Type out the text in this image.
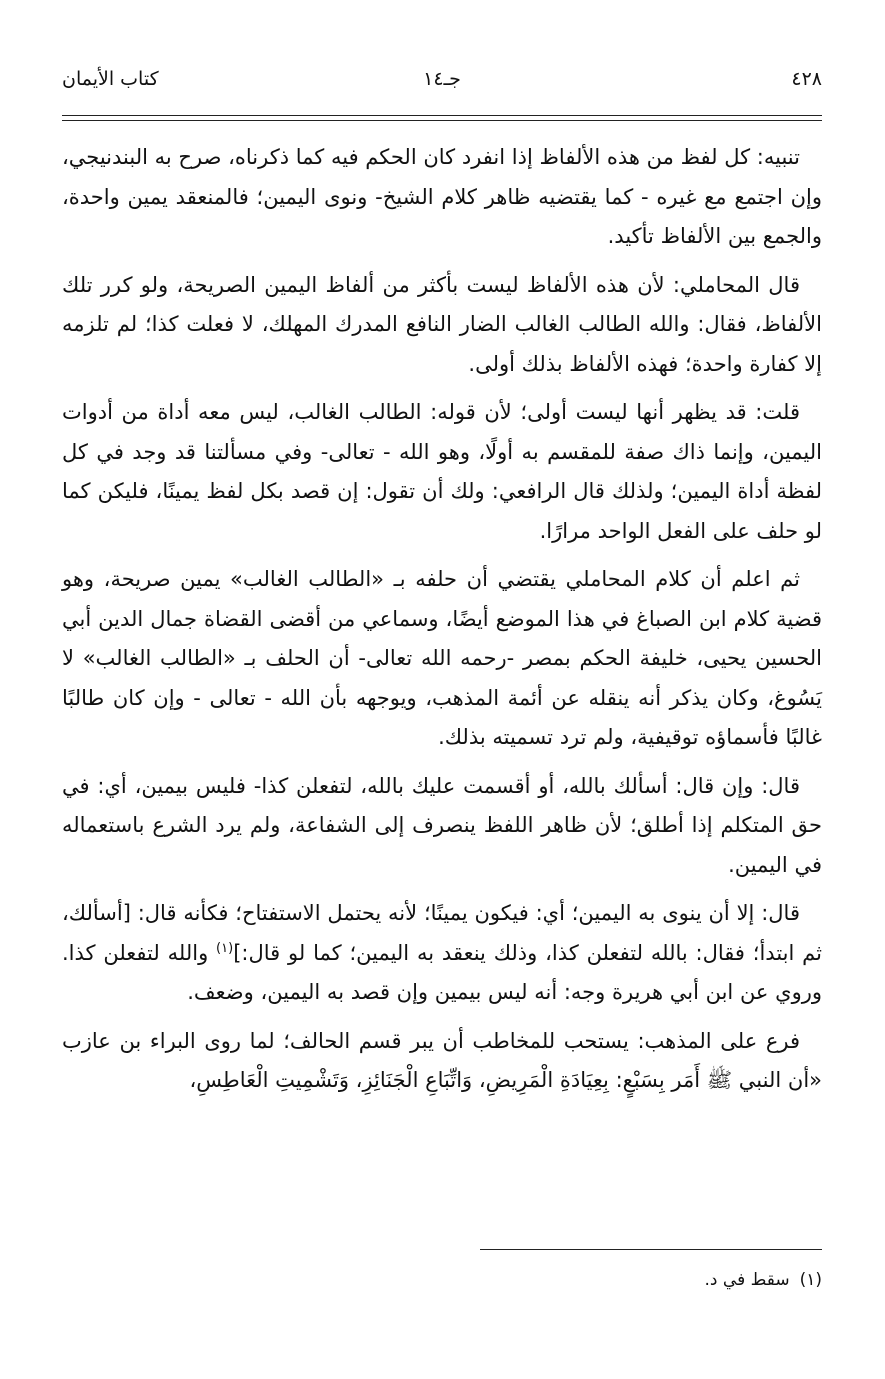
٤٢٨
جـ١٤
كتاب الأيمان

تنبيه: كل لفظ من هذه الألفاظ إذا انفرد كان الحكم فيه كما ذكرناه، صرح به البندنيجي، وإن اجتمع مع غيره - كما يقتضيه ظاهر كلام الشيخ- ونوى اليمين؛ فالمنعقد يمين واحدة، والجمع بين الألفاظ تأكيد.

قال المحاملي: لأن هذه الألفاظ ليست بأكثر من ألفاظ اليمين الصريحة، ولو كرر تلك الألفاظ، فقال: والله الطالب الغالب الضار النافع المدرك المهلك، لا فعلت كذا؛ لم تلزمه إلا كفارة واحدة؛ فهذه الألفاظ بذلك أولى.

قلت: قد يظهر أنها ليست أولى؛ لأن قوله: الطالب الغالب، ليس معه أداة من أدوات اليمين، وإنما ذاك صفة للمقسم به أولًا، وهو الله - تعالى- وفي مسألتنا قد وجد في كل لفظة أداة اليمين؛ ولذلك قال الرافعي: ولك أن تقول: إن قصد بكل لفظ يمينًا، فليكن كما لو حلف على الفعل الواحد مرارًا.

ثم اعلم أن كلام المحاملي يقتضي أن حلفه بـ «الطالب الغالب» يمين صريحة، وهو قضية كلام ابن الصباغ في هذا الموضع أيضًا، وسماعي من أقضى القضاة جمال الدين أبي الحسين يحيى، خليفة الحكم بمصر -رحمه الله تعالى- أن الحلف بـ «الطالب الغالب» لا يَسُوغ، وكان يذكر أنه ينقله عن أئمة المذهب، ويوجهه بأن الله - تعالى - وإن كان طالبًا غالبًا فأسماؤه توقيفية، ولم ترد تسميته بذلك.

قال: وإن قال: أسألك بالله، أو أقسمت عليك بالله، لتفعلن كذا- فليس بيمين، أي: في حق المتكلم إذا أطلق؛ لأن ظاهر اللفظ ينصرف إلى الشفاعة، ولم يرد الشرع باستعماله في اليمين.

قال: إلا أن ينوى به اليمين؛ أي: فيكون يمينًا؛ لأنه يحتمل الاستفتاح؛ فكأنه قال: [أسألك، ثم ابتدأ؛ فقال: بالله لتفعلن كذا، وذلك ينعقد به اليمين؛ كما لو قال:]$^{(١)}$ والله لتفعلن كذا. وروي عن ابن أبي هريرة وجه: أنه ليس بيمين وإن قصد به اليمين، وضعف.

فرع على المذهب: يستحب للمخاطب أن يبر قسم الحالف؛ لما روى البراء بن عازب «أن النبي ﷺ أَمَر بِسَبْعٍ: بِعِيَادَةِ الْمَرِيضِ، وَاتِّبَاعِ الْجَنَائِزِ، وَتَشْمِيتِ الْعَاطِسِ،

(١)سقط في د.
